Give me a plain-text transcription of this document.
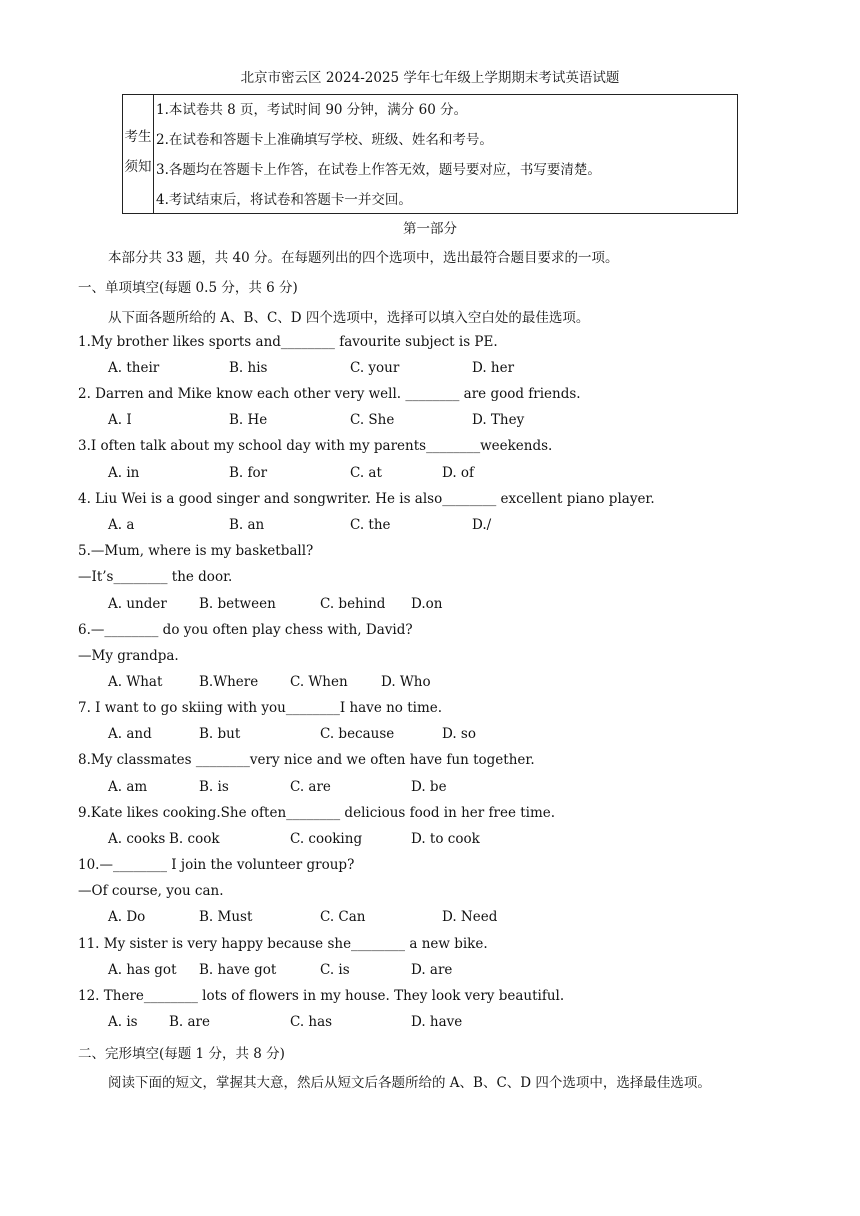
北京市密云区 2024-2025 学年七年级上学期期末考试英语试题
考生
须知
1.本试卷共 8 页，考试时间 90 分钟，满分 60 分。
2.在试卷和答题卡上准确填写学校、班级、姓名和考号。
3.各题均在答题卡上作答，在试卷上作答无效，题号要对应，书写要清楚。
4.考试结束后，将试卷和答题卡一并交回。
第一部分
本部分共 33 题，共 40 分。在每题列出的四个选项中，选出最符合题目要求的一项。
一、单项填空(每题 0.5 分，共 6 分)
从下面各题所给的 A、B、C、D 四个选项中，选择可以填入空白处的最佳选项。
1.My brother likes sports and________ favourite subject is PE.
A. their	B. his	C. your	D. her
2. Darren and Mike know each other very well. ________ are good friends.
A. I	B. He	C. She	D. They
3.I often talk about my school day with my parents________weekends.
A. in	B. for	C. at	D. of
4. Liu Wei is a good singer and songwriter. He is also________ excellent piano player.
A. a	B. an	C. the	D./
5.—Mum, where is my basketball?
—It’s________ the door.
A. under B. between	C. behind D.on
6.—________ do you often play chess with, David?
—My grandpa.
A. What	B.Where C. When D. Who
7. I want to go skiing with you________I have no time.
A. and	B. but	C. because	D. so
8.My classmates ________very nice and we often have fun together.
A. am	B. is	C. are	D. be
9.Kate likes cooking.She often________ delicious food in her free time.
A. cooks B. cook	C. cooking	D. to cook
10.—________ I join the volunteer group?
—Of course, you can.
A. Do	B. Must	C. Can	D. Need
11. My sister is very happy because she________ a new bike.
A. has got B. have got	C. is	D. are
12. There________ lots of flowers in my house. They look very beautiful.
A. is B. are	C. has	D. have
二、完形填空(每题 1 分，共 8 分)
阅读下面的短文，掌握其大意，然后从短文后各题所给的 A、B、C、D 四个选项中，选择最佳选项。
